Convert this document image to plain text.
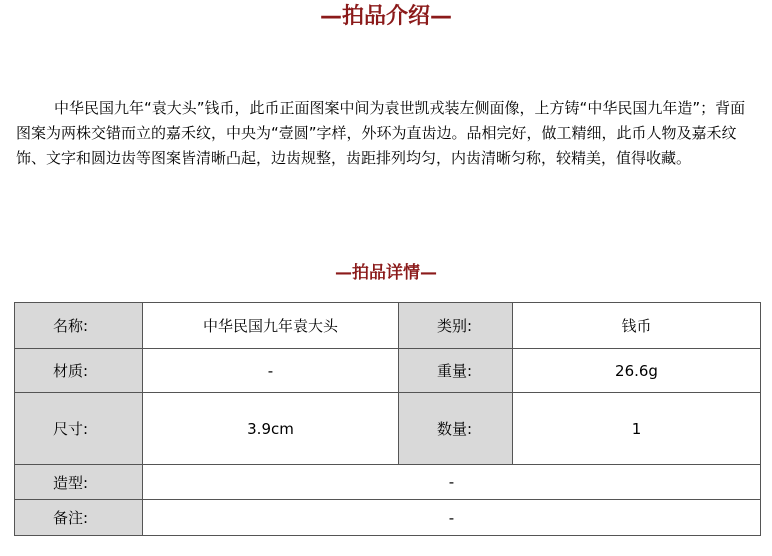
—拍品介绍—

中华民国九年“袁大头”钱币，此币正面图案中间为袁世凯戎装左侧面像，上方铸“中华民国九年造”；背面图案为两株交错而立的嘉禾纹，中央为“壹圆”字样，外环为直齿边。品相完好，做工精细，此币人物及嘉禾纹饰、文字和圆边齿等图案皆清晰凸起，边齿规整，齿距排列均匀，内齿清晰匀称，较精美，值得收藏。

—拍品详情—
名称:	中华民国九年袁大头	类别:	钱币
材质:	-	重量:	26.6g
尺寸:	3.9cm	数量:	1
造型:	-		
备注:	-		
